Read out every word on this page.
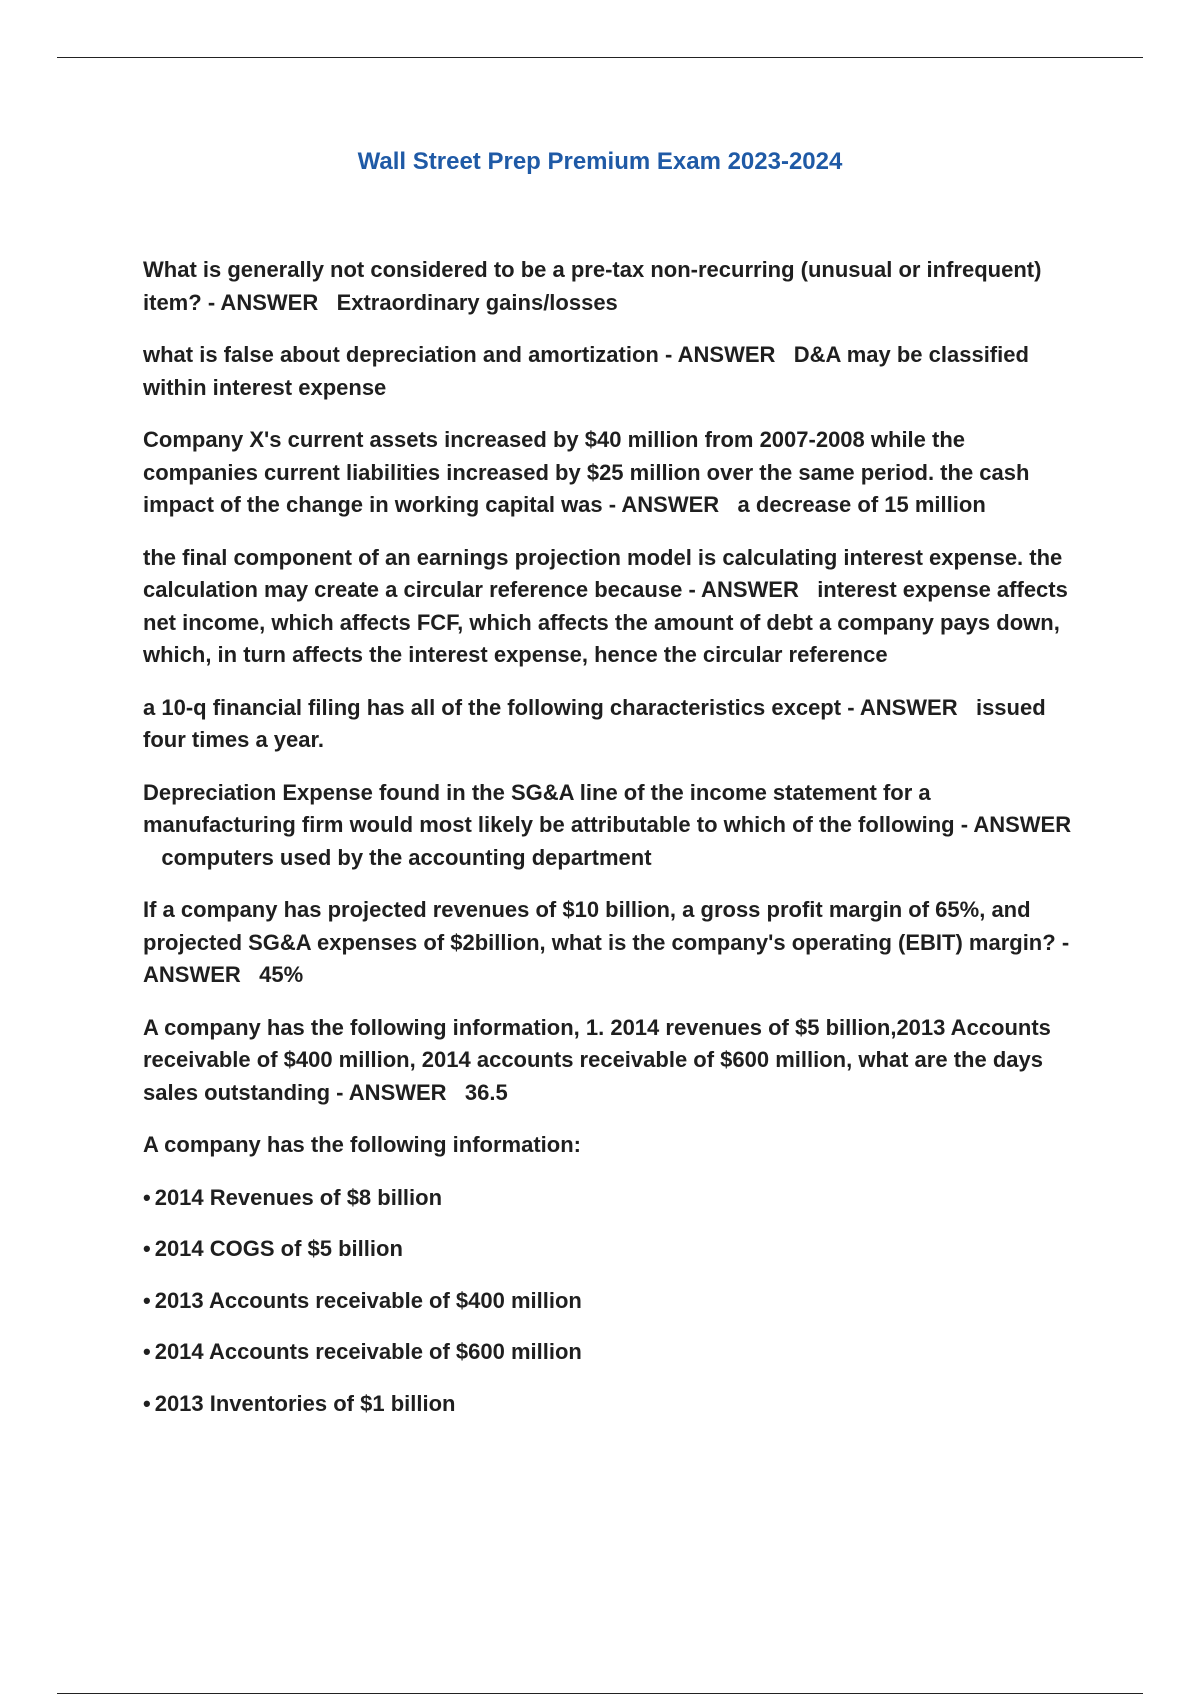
Wall Street Prep Premium Exam 2023-2024
What is generally not considered to be a pre-tax non-recurring (unusual or infrequent) item? - ANSWER Extraordinary gains/losses
what is false about depreciation and amortization - ANSWER D&A may be classified within interest expense
Company X's current assets increased by $40 million from 2007-2008 while the companies current liabilities increased by $25 million over the same period. the cash impact of the change in working capital was - ANSWER a decrease of 15 million
the final component of an earnings projection model is calculating interest expense. the calculation may create a circular reference because - ANSWER interest expense affects net income, which affects FCF, which affects the amount of debt a company pays down, which, in turn affects the interest expense, hence the circular reference
a 10-q financial filing has all of the following characteristics except - ANSWER issued four times a year.
Depreciation Expense found in the SG&A line of the income statement for a manufacturing firm would most likely be attributable to which of the following - ANSWER   computers used by the accounting department
If a company has projected revenues of $10 billion, a gross profit margin of 65%, and projected SG&A expenses of $2billion, what is the company's operating (EBIT) margin? - ANSWER 45%
A company has the following information, 1. 2014 revenues of $5 billion,2013 Accounts receivable of $400 million, 2014 accounts receivable of $600 million, what are the days sales outstanding - ANSWER 36.5
A company has the following information:
• 2014 Revenues of $8 billion
• 2014 COGS of $5 billion
• 2013 Accounts receivable of $400 million
• 2014 Accounts receivable of $600 million
• 2013 Inventories of $1 billion
